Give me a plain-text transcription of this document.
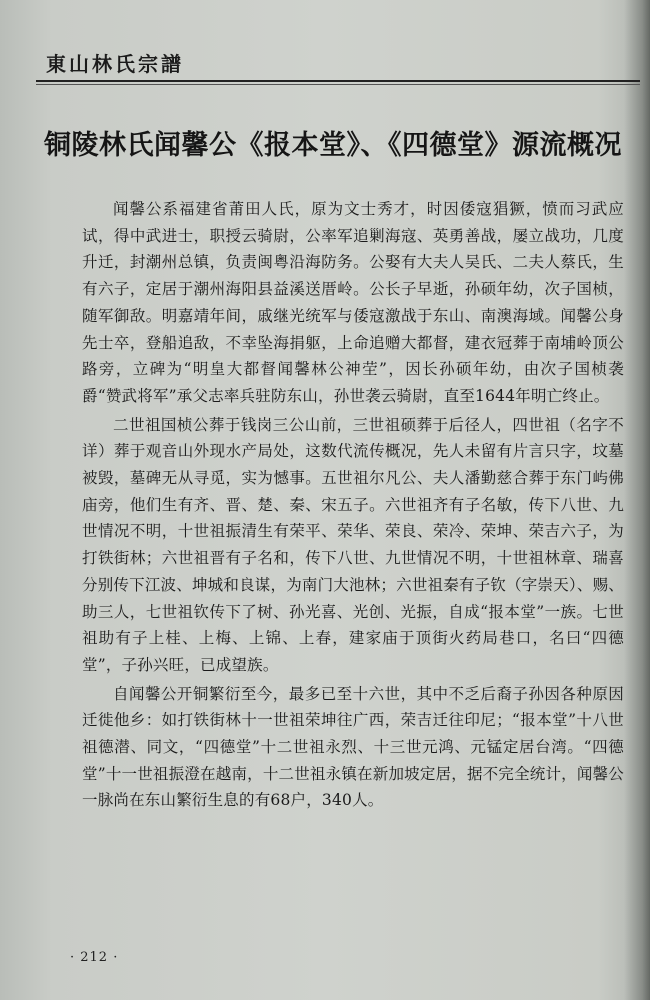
東山林氏宗譜
铜陵林氏闻馨公《报本堂》、《四德堂》源流概况

闻馨公系福建省莆田人氏，原为文士秀才，时因倭寇猖獗，愤而习武应试，得中武进士，职授云骑尉，公率军追剿海寇、英勇善战，屡立战功，几度升迁，封潮州总镇，负责闽粤沿海防务。公娶有大夫人吴氏、二夫人蔡氏，生有六子，定居于潮州海阳县益溪送厝岭。公长子早逝，孙硕年幼，次子国桢，随军御敌。明嘉靖年间，戚继光统军与倭寇激战于东山、南澳海域。闻馨公身先士卒，登船追敌，不幸坠海捐躯，上命追赠大都督，建衣冠葬于南埔岭顶公路旁，立碑为“明皇大都督闻馨林公神茔”，因长孙硕年幼，由次子国桢袭爵“赞武将军”承父志率兵驻防东山，孙世袭云骑尉，直至1644年明亡终止。

二世祖国桢公葬于钱岗三公山前，三世祖硕葬于后径人，四世祖（名字不详）葬于观音山外现水产局处，这数代流传概况，先人未留有片言只字，坟墓被毁，墓碑无从寻觅，实为憾事。五世祖尔凡公、夫人潘勤慈合葬于东门屿佛庙旁，他们生有齐、晋、楚、秦、宋五子。六世祖齐有子名敏，传下八世、九世情况不明，十世祖振清生有荣平、荣华、荣良、荣冷、荣坤、荣吉六子，为打铁街林；六世祖晋有子名和，传下八世、九世情况不明，十世祖林章、瑞喜分别传下江波、坤城和良谋，为南门大池林；六世祖秦有子钦（字崇天）、赐、助三人，七世祖钦传下了树、孙光喜、光创、光振，自成“报本堂”一族。七世祖助有子上桂、上梅、上锦、上春，建家庙于顶街火药局巷口，名曰“四德堂”，子孙兴旺，已成望族。

自闻馨公开铜繁衍至今，最多已至十六世，其中不乏后裔子孙因各种原因迁徙他乡：如打铁街林十一世祖荣坤往广西，荣吉迁往印尼；“报本堂”十八世祖德潜、同文，“四德堂”十二世祖永烈、十三世元鸿、元锰定居台湾。“四德堂”十一世祖振澄在越南，十二世祖永镇在新加坡定居，据不完全统计，闻馨公一脉尚在东山繁衍生息的有68户，340人。

· 212 ·
